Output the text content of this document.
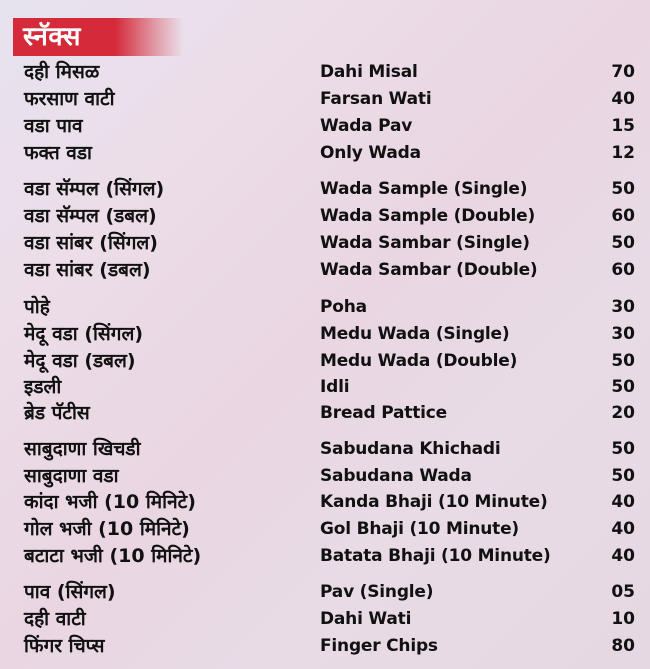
स्नॅक्स
दही मिसळ	Dahi Misal	70
फरसाण वाटी	Farsan Wati	40
वडा पाव	Wada Pav	15
फक्त वडा	Only Wada	12
वडा सॅम्पल (सिंगल)	Wada Sample (Single)	50
वडा सॅम्पल (डबल)	Wada Sample (Double)	60
वडा सांबर (सिंगल)	Wada Sambar (Single)	50
वडा सांबर (डबल)	Wada Sambar (Double)	60
पोहे	Poha	30
मेदू वडा (सिंगल)	Medu Wada (Single)	30
मेदू वडा (डबल)	Medu Wada (Double)	50
इडली	Idli	50
ब्रेड पॅटीस	Bread Pattice	20
साबुदाणा खिचडी	Sabudana Khichadi	50
साबुदाणा वडा	Sabudana Wada	50
कांदा भजी (10 मिनिटे)	Kanda Bhaji (10 Minute)	40
गोल भजी (10 मिनिटे)	Gol Bhaji (10 Minute)	40
बटाटा भजी (10 मिनिटे)	Batata Bhaji (10 Minute)	40
पाव (सिंगल)	Pav (Single)	05
दही वाटी	Dahi Wati	10
फिंगर चिप्स	Finger Chips	80
